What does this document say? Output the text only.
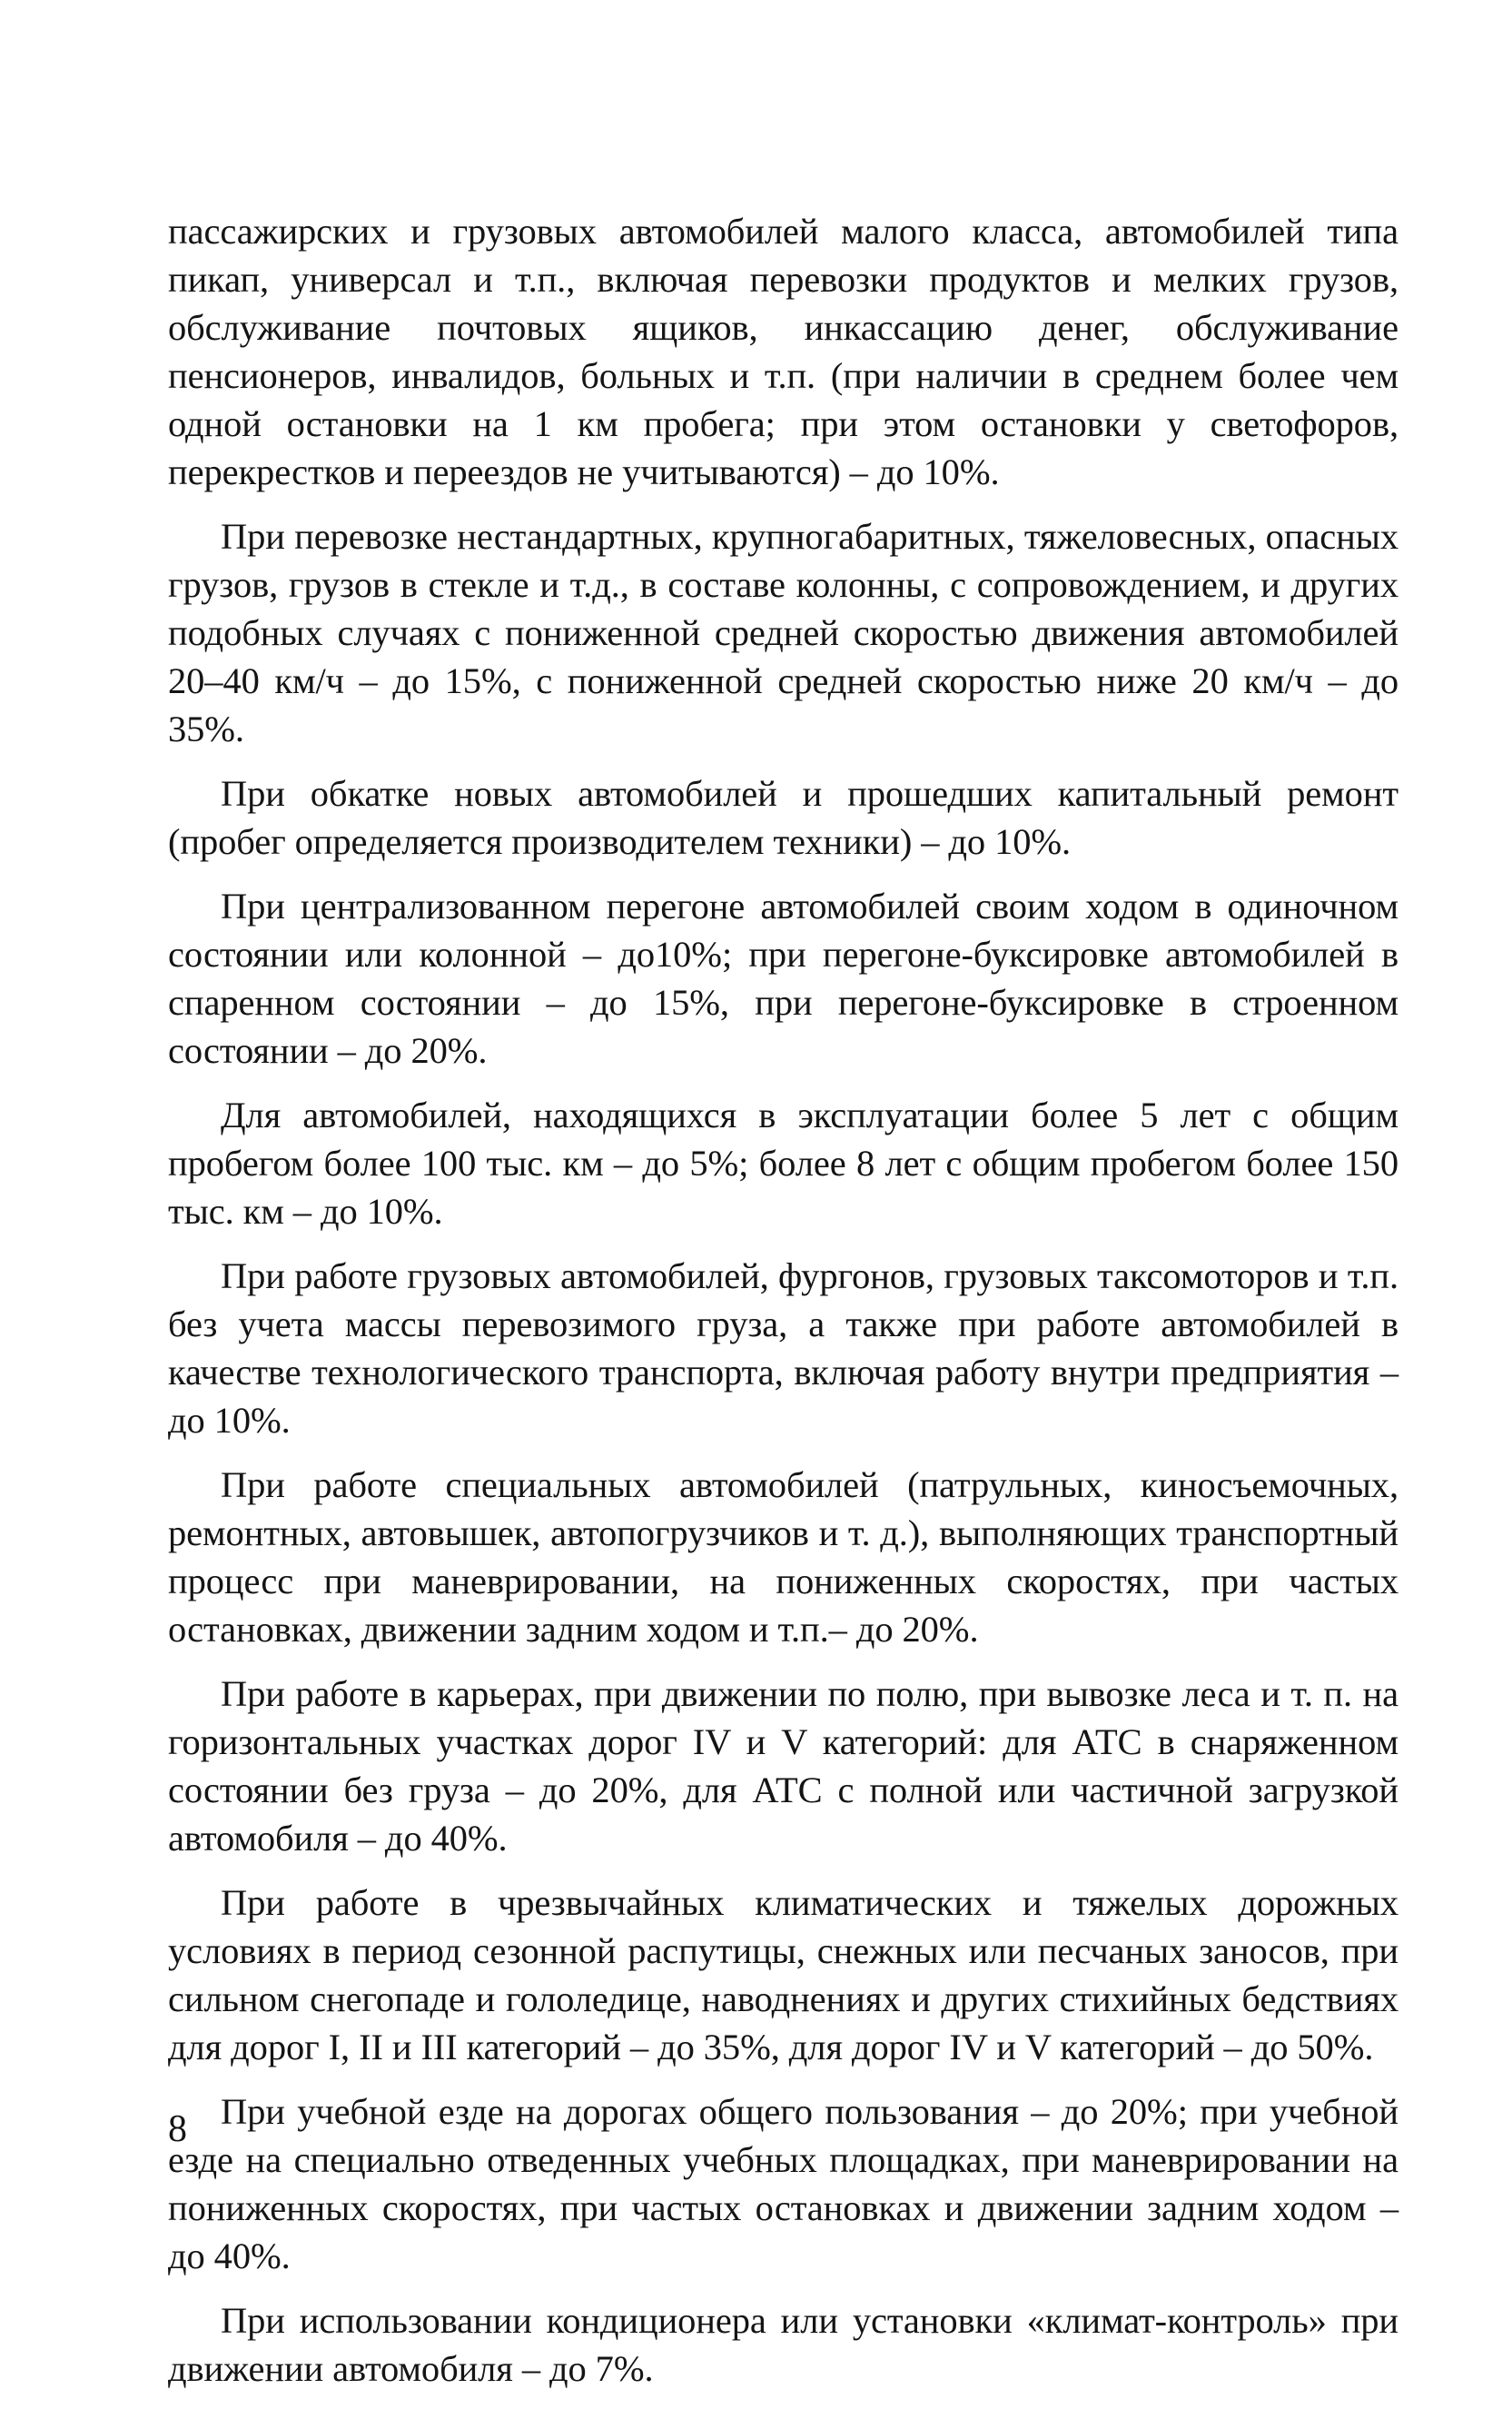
пассажирских и грузовых автомобилей малого класса, автомобилей типа пикап, универсал и т.п., включая перевозки продуктов и мелких грузов, обслуживание почтовых ящиков, инкассацию денег, обслуживание пенсионеров, инвалидов, больных и т.п. (при наличии в среднем более чем одной остановки на 1 км пробега; при этом остановки у светофоров, перекрестков и переездов не учитываются) – до 10%.

При перевозке нестандартных, крупногабаритных, тяжеловесных, опасных грузов, грузов в стекле и т.д., в составе колонны, с сопровождением, и других подобных случаях с пониженной средней скоростью движения автомобилей 20–40 км/ч – до 15%, с пониженной средней скоростью ниже 20 км/ч – до 35%.

При обкатке новых автомобилей и прошедших капитальный ремонт (пробег определяется производителем техники) – до 10%.

При централизованном перегоне автомобилей своим ходом в одиночном состоянии или колонной – до10%; при перегоне-буксировке автомобилей в спаренном состоянии – до 15%, при перегоне-буксировке в строенном состоянии – до 20%.

Для автомобилей, находящихся в эксплуатации более 5 лет с общим пробегом более 100 тыс. км – до 5%; более 8 лет с общим пробегом более 150 тыс. км – до 10%.

При работе грузовых автомобилей, фургонов, грузовых таксомоторов и т.п. без учета массы перевозимого груза, а также при работе автомобилей в качестве технологического транспорта, включая работу внутри предприятия – до 10%.

При работе специальных автомобилей (патрульных, киносъемочных, ремонтных, автовышек, автопогрузчиков и т. д.), выполняющих транспортный процесс при маневрировании, на пониженных скоростях, при частых остановках, движении задним ходом и т.п.– до 20%.

При работе в карьерах, при движении по полю, при вывозке леса и т. п. на горизонтальных участках дорог IV и V категорий: для АТС в снаряженном состоянии без груза – до 20%, для АТС с полной или частичной загрузкой автомобиля – до 40%.

При работе в чрезвычайных климатических и тяжелых дорожных условиях в период сезонной распутицы, снежных или песчаных заносов, при сильном снегопаде и гололедице, наводнениях и других стихийных бедствиях для дорог I, II и III категорий – до 35%, для дорог IV и V категорий – до 50%.

При учебной езде на дорогах общего пользования – до 20%; при учебной езде на специально отведенных учебных площадках, при маневрировании на пониженных скоростях, при частых остановках и движении задним ходом – до 40%.

При использовании кондиционера или установки «климат-контроль» при движении автомобиля – до 7%.

8
